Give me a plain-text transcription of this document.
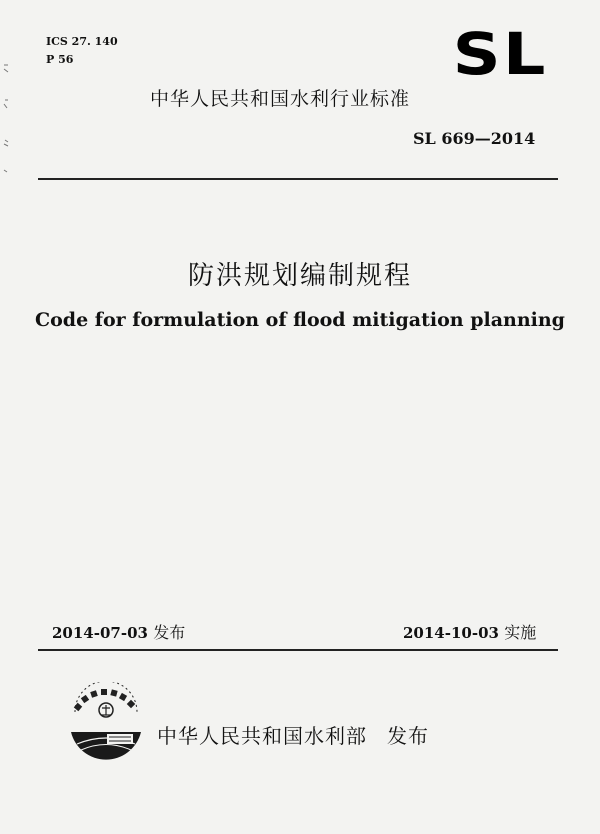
ICS 27. 140
P 56	SL
中华人民共和国水利行业标准
SL 669—2014
防洪规划编制规程
Code for formulation of flood mitigation planning
2014-07-03 发布	2014-10-03 实施
中华人民共和国水利部 发布
